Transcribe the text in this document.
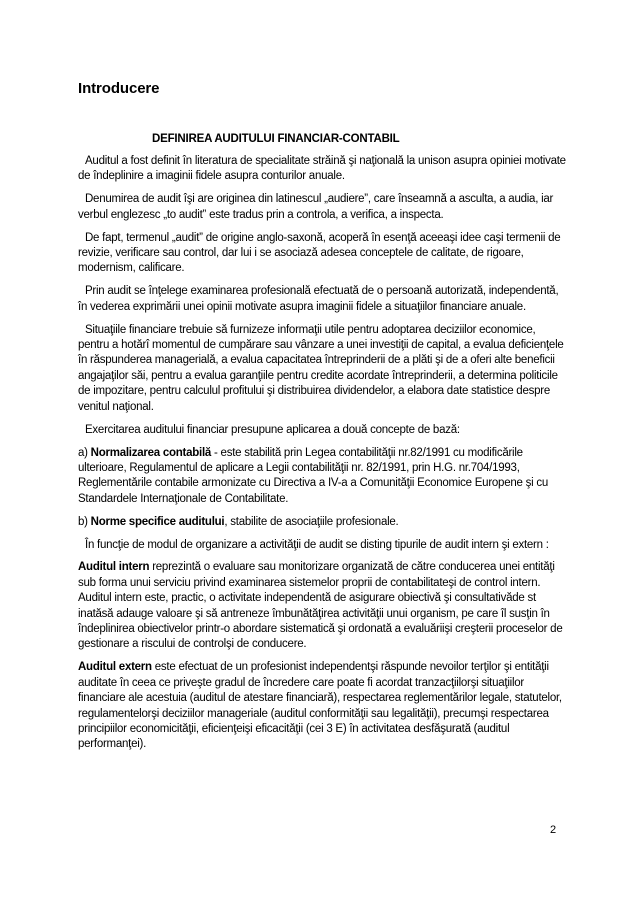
Introducere
DEFINIREA AUDITULUI FINANCIAR-CONTABIL

Auditul a fost definit în literatura de specialitate străină şi naţională la unison asupra opiniei motivate de îndeplinire a imaginii fidele asupra conturilor anuale.

Denumirea de audit îşi are originea din latinescul „audiere”, care înseamnă a asculta, a audia, iar verbul englezesc „to audit” este tradus prin a controla, a verifica, a inspecta.

De fapt, termenul „audit” de origine anglo-saxonă, acoperă în esenţă aceeaşi idee caşi termenii de revizie, verificare sau control, dar lui i se asociază adesea conceptele de calitate, de rigoare, modernism, calificare.

Prin audit se înţelege examinarea profesională efectuată de o persoană autorizată, independentă, în vederea exprimării unei opinii motivate asupra imaginii fidele a situaţiilor financiare anuale.

Situaţiile financiare trebuie să furnizeze informaţii utile pentru adoptarea deciziilor economice, pentru a hotărî momentul de cumpărare sau vânzare a unei investiţii de capital, a evalua deficienţele în răspunderea managerială, a evalua capacitatea întreprinderii de a plăti şi de a oferi alte beneficii angajaţilor săi, pentru a evalua garanţiile pentru credite acordate întreprinderii, a determina politicile de impozitare, pentru calculul profitului şi distribuirea dividendelor, a elabora date statistice despre venitul naţional.

Exercitarea auditului financiar presupune aplicarea a două concepte de bază:

a) Normalizarea contabilă - este stabilită prin Legea contabilităţii nr.82/1991 cu modificările ulterioare, Regulamentul de aplicare a Legii contabilităţii nr. 82/1991, prin H.G. nr.704/1993, Reglementările contabile armonizate cu Directiva a IV-a a Comunităţii Economice Europene şi cu Standardele Internaţionale de Contabilitate.

b) Norme specifice auditului, stabilite de asociaţiile profesionale.

În funcţie de modul de organizare a activităţii de audit se disting tipurile de audit intern şi extern :

Auditul intern reprezintă o evaluare sau monitorizare organizată de către conducerea unei entităţi sub forma unui serviciu privind examinarea sistemelor proprii de contabilitateşi de control intern. Auditul intern este, practic, o activitate independentă de asigurare obiectivă şi consultativăde st inatăsă adauge valoare şi să antreneze îmbunătăţirea activităţii unui organism, pe care îl susţin în îndeplinirea obiectivelor printr-o abordare sistematică şi ordonată a evaluăriişi creşterii proceselor de gestionare a riscului de controlşi de conducere.

Auditul extern este efectuat de un profesionist independentşi răspunde nevoilor terţilor şi entităţii auditate în ceea ce priveşte gradul de încredere care poate fi acordat tranzacţiilorşi situaţiilor financiare ale acestuia (auditul de atestare financiară), respectarea reglementărilor legale, statutelor, regulamentelorşi deciziilor manageriale (auditul conformităţii sau legalităţii), precumşi respectarea principiilor economicităţii, eficienţeişi eficacităţii (cei 3 E) în activitatea desfăşurată (auditul performanţei).

2
